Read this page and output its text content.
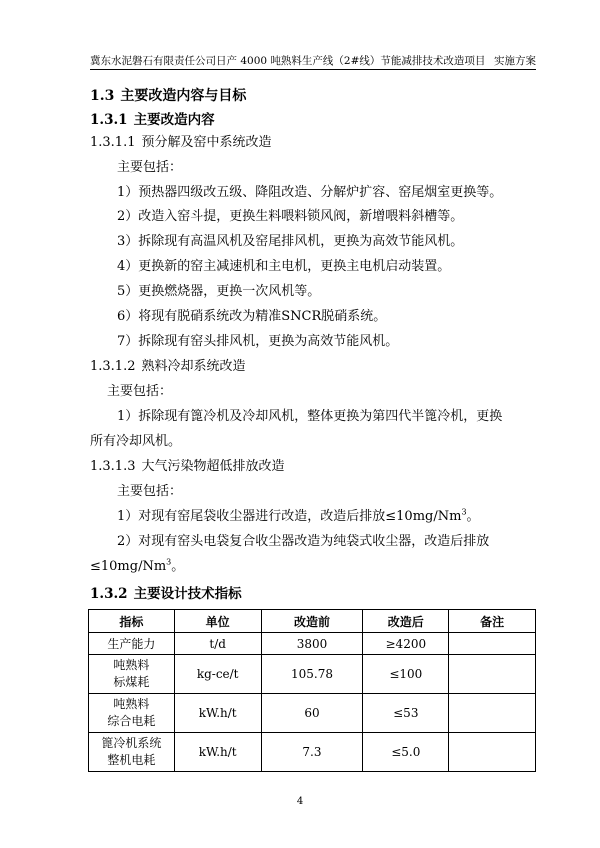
冀东水泥磐石有限责任公司日产 4000 吨熟料生产线（2#线）节能减排技术改造项目 实施方案
1.3 主要改造内容与目标
1.3.1 主要改造内容
1.3.1.1 预分解及窑中系统改造
主要包括：
1）预热器四级改五级、降阻改造、分解炉扩容、窑尾烟室更换等。
2）改造入窑斗提，更换生料喂料锁风阀，新增喂料斜槽等。
3）拆除现有高温风机及窑尾排风机，更换为高效节能风机。
4）更换新的窑主减速机和主电机，更换主电机启动装置。
5）更换燃烧器，更换一次风机等。
6）将现有脱硝系统改为精准SNCR脱硝系统。
7）拆除现有窑头排风机，更换为高效节能风机。
1.3.1.2 熟料冷却系统改造
主要包括：
1）拆除现有篦冷机及冷却风机，整体更换为第四代半篦冷机，更换
所有冷却风机。
1.3.1.3 大气污染物超低排放改造
主要包括：
1）对现有窑尾袋收尘器进行改造，改造后排放$\le 10mg/Nm^3$。
2）对现有窑头电袋复合收尘器改造为纯袋式收尘器，改造后排放
$\le 10mg/Nm^3$。
1.3.2 主要设计技术指标
指标	单位	改造前	改造后	备注
生产能力	t/d	3800	≥4200	
吨熟料
标煤耗	kg-ce/t	105.78	≤100	
吨熟料
综合电耗	kW.h/t	60	≤53	
篦冷机系统
整机电耗	kW.h/t	7.3	≤5.0	
4
